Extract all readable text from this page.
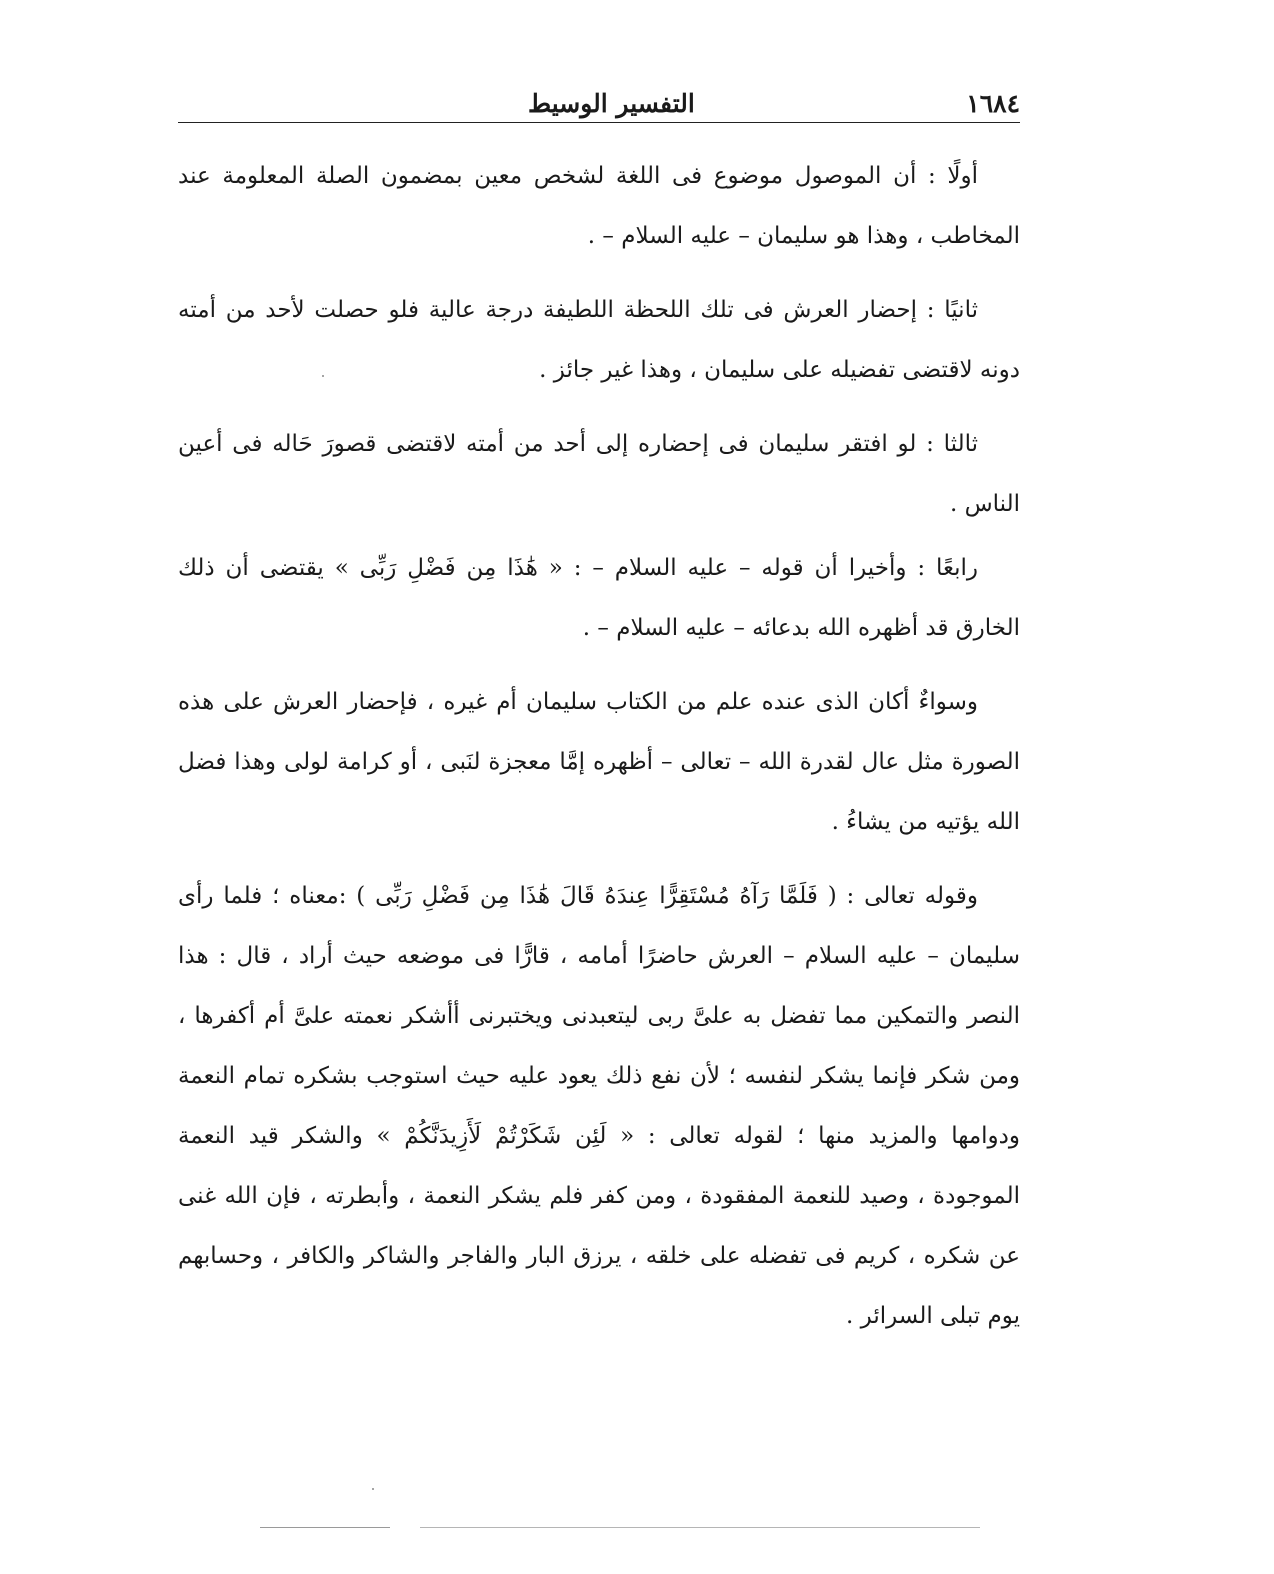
١٦٨٤
التفسير الوسيط

أولًا : أن الموصول موضوع فى اللغة لشخص معين بمضمون الصلة المعلومة عند المخاطب ، وهذا هو سليمان – عليه السلام – .

ثانيًا : إحضار العرش فى تلك اللحظة اللطيفة درجة عالية فلو حصلت لأحد من أمته دونه لاقتضى تفضيله على سليمان ، وهذا غير جائز .

ثالثا : لو افتقر سليمان فى إحضاره إلى أحد من أمته لاقتضى قصورَ حَاله فى أعين الناس .

رابعًا : وأخيرا أن قوله – عليه السلام – : « هَٰذَا مِن فَضْلِ رَبِّى » يقتضى أن ذلك الخارق قد أظهره الله بدعائه – عليه السلام – .

وسواءٌ أكان الذى عنده علم من الكتاب سليمان أم غيره ، فإحضار العرش على هذه الصورة مثل عال لقدرة الله – تعالى – أظهره إمَّا معجزة لنَبى ، أو كرامة لولى وهذا فضل الله يؤتيه من يشاءُ .

وقوله تعالى : ( فَلَمَّا رَآهُ مُسْتَقِرًّا عِندَهُ قَالَ هَٰذَا مِن فَضْلِ رَبِّى ) :معناه ؛ فلما رأى سليمان – عليه السلام – العرش حاضرًا أمامه ، قارًّا فى موضعه حيث أراد ، قال : هذا النصر والتمكين مما تفضل به علىَّ ربى ليتعبدنى ويختبرنى أأشكر نعمته علىَّ أم أكفرها ، ومن شكر فإنما يشكر لنفسه ؛ لأن نفع ذلك يعود عليه حيث استوجب بشكره تمام النعمة ودوامها والمزيد منها ؛ لقوله تعالى : « لَئِن شَكَرْتُمْ لَأَزِيدَنَّكُمْ » والشكر قيد النعمة الموجودة ، وصيد للنعمة المفقودة ، ومن كفر فلم يشكر النعمة ، وأبطرته ، فإن الله غنى عن شكره ، كريم فى تفضله على خلقه ، يرزق البار والفاجر والشاكر والكافر ، وحسابهم يوم تبلى السرائر .
